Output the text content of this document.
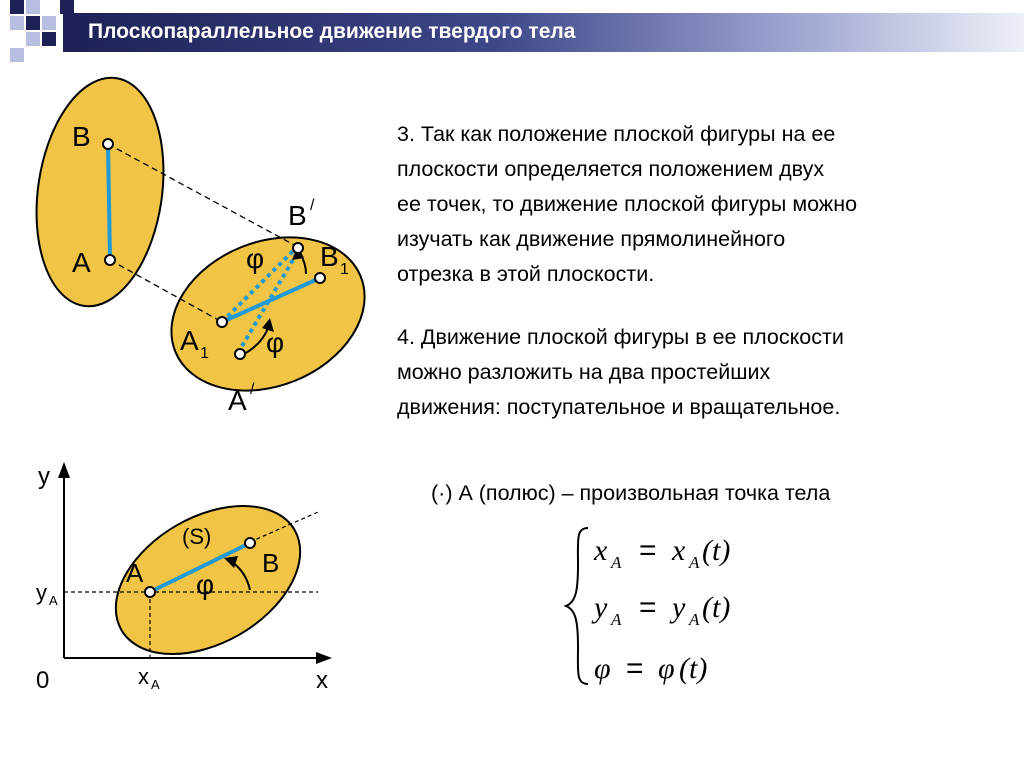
Плоскопараллельное движение твердого тела
3. Так как положение плоской фигуры на ее
плоскости определяется положением двух
ее точек, то движение плоской фигуры можно
изучать как движение прямолинейного
отрезка в этой плоскости.
4. Движение плоской фигуры в ее плоскости
можно разложить на два простейших
движения: поступательное и вращательное.
(·) А (полюс) – произвольная точка тела
x A = x A (t)
y A = y A (t)
φ = φ (t)
B
A
B /
B 1
A 1
A /
φ
φ
y
x
0
y A
x A
(S)
A	B
φ
